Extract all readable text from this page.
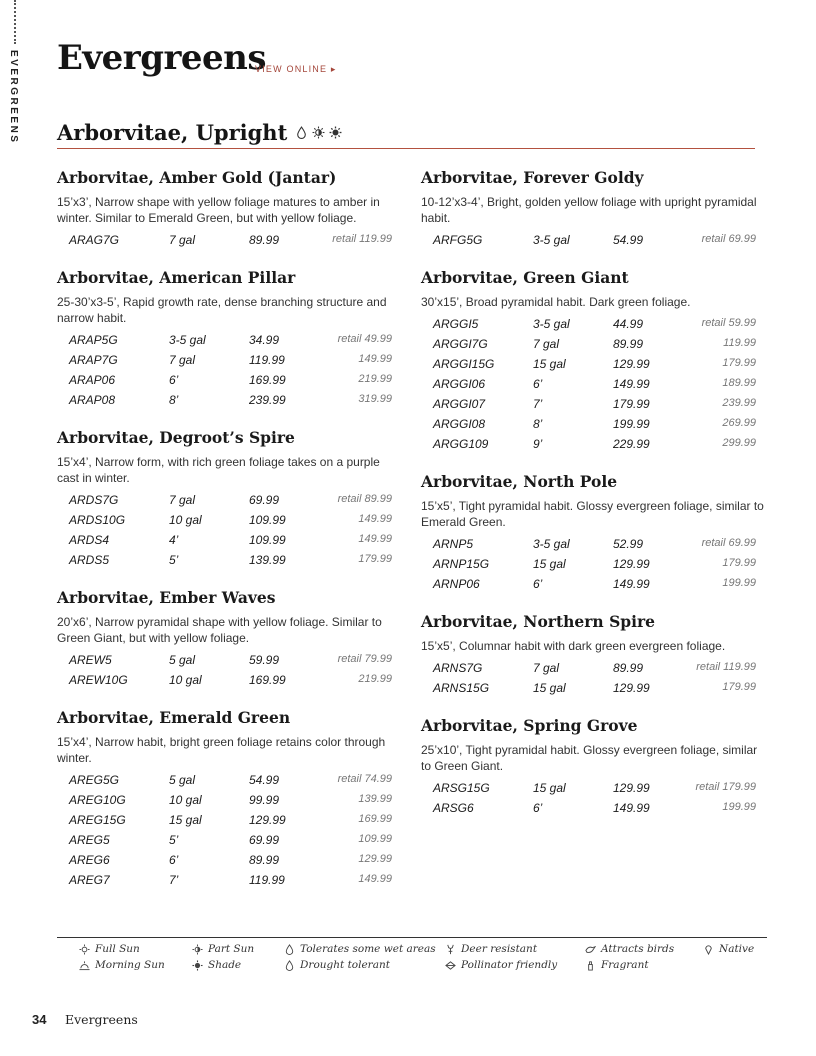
EVERGREENS Evergreens
VIEW ONLINE ▸
Arborvitae, Upright
Arborvitae, Amber Gold (Jantar)

15’x3’, Narrow shape with yellow foliage matures to amber in winter. Similar to Emerald Green, but with yellow foliage.

ARAG7G	7 gal	89.99	retail 119.99
Arborvitae, American Pillar

25-30’x3-5’, Rapid growth rate, dense branching structure and narrow habit.

ARAP5G	3-5 gal	34.99	retail 49.99
ARAP7G	7 gal	119.99	149.99
ARAP06	6’	169.99	219.99
ARAP08	8’	239.99	319.99
Arborvitae, Degroot’s Spire

15’x4’, Narrow form, with rich green foliage takes on a purple cast in winter.

ARDS7G	7 gal	69.99	retail 89.99
ARDS10G	10 gal	109.99	149.99
ARDS4	4’	109.99	149.99
ARDS5	5’	139.99	179.99
Arborvitae, Ember Waves

20’x6’, Narrow pyramidal shape with yellow foliage. Similar to Green Giant, but with yellow foliage.

AREW5	5 gal	59.99	retail 79.99
AREW10G	10 gal	169.99	219.99
Arborvitae, Emerald Green

15’x4’, Narrow habit, bright green foliage retains color through winter.

AREG5G	5 gal	54.99	retail 74.99
AREG10G	10 gal	99.99	139.99
AREG15G	15 gal	129.99	169.99
AREG5	5’	69.99	109.99
AREG6	6’	89.99	129.99
AREG7	7’	119.99	149.99
Arborvitae, Forever Goldy

10-12’x3-4’, Bright, golden yellow foliage with upright pyramidal habit.

ARFG5G	3-5 gal	54.99	retail 69.99
Arborvitae, Green Giant

30’x15’, Broad pyramidal habit. Dark green foliage.

ARGGI5	3-5 gal	44.99	retail 59.99
ARGGI7G	7 gal	89.99	119.99
ARGGI15G	15 gal	129.99	179.99
ARGGI06	6’	149.99	189.99
ARGGI07	7’	179.99	239.99
ARGGI08	8’	199.99	269.99
ARGG109	9’	229.99	299.99
Arborvitae, North Pole

15’x5’, Tight pyramidal habit. Glossy evergreen foliage, similar to Emerald Green.

ARNP5	3-5 gal	52.99	retail 69.99
ARNP15G	15 gal	129.99	179.99
ARNP06	6’	149.99	199.99
Arborvitae, Northern Spire

15’x5’, Columnar habit with dark green evergreen foliage.

ARNS7G	7 gal	89.99	retail 119.99
ARNS15G	15 gal	129.99	179.99
Arborvitae, Spring Grove

25’x10’, Tight pyramidal habit. Glossy evergreen foliage, similar to Green Giant.

ARSG15G	15 gal	129.99	retail 179.99
ARSG6	6’	149.99	199.99
Full Sun
Morning Sun
Part Sun
Shade
Tolerates some wet areas
Drought tolerant
Deer resistant
Pollinator friendly
Attracts birds
Fragrant
Native
34 Evergreens
